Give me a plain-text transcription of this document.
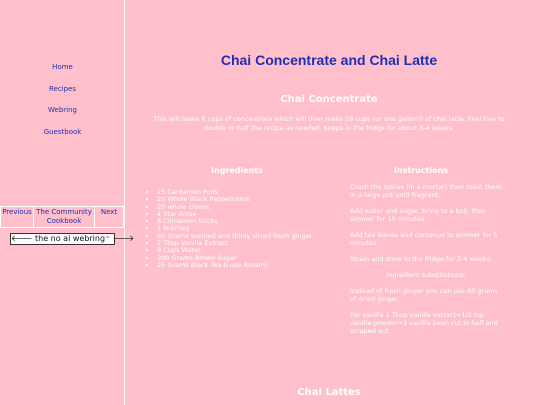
Home
Recipes
Webring
Guestbook
Previous	The Community Cookbook	Next
🡐 the no ai webring™ 🡒
Chai Concentrate and Chai Latte
Chai Concentrate

This will make 8 cups of concentrate which will then make 16 cups (or one gallon!) of chai latte. Feel free to double or half the recipe as needed. Keeps in the fridge for about 3-4 weeks.

Ingredients	Instructions
• 25 Cardamon Pods
• 20 Whole Black Peppercorns
• 20 whole cloves
• 4 Star Anise
• 8 Cinnamon Sticks
• 1 Nutmeg
• 60 Grams washed and thinly sliced fresh ginger
• 2 Tbsp Vanilla Extract
• 8 Cups Water
• 300 Grams Brown Sugar
• 25 Grams Black Tea (I use Assam)

Crush the spices (in a mortar) then toast them in a large pot until fragrant.

Add water and sugar, bring to a boil, then simmer for 10 minutes.

Add tea leaves and contenue to simmer for 5 minutes.

Strain and store in the fridge for 3-4 weeks.

Ingredient substitutions:

Instead of fresh ginger you can use 60 grams of dried ginger.

For vanilla 1 Tbsp vanilla extract=1/2 tsp vanilla powder=1 vanilla bean cut in half and scraped out

Chai Lattes
